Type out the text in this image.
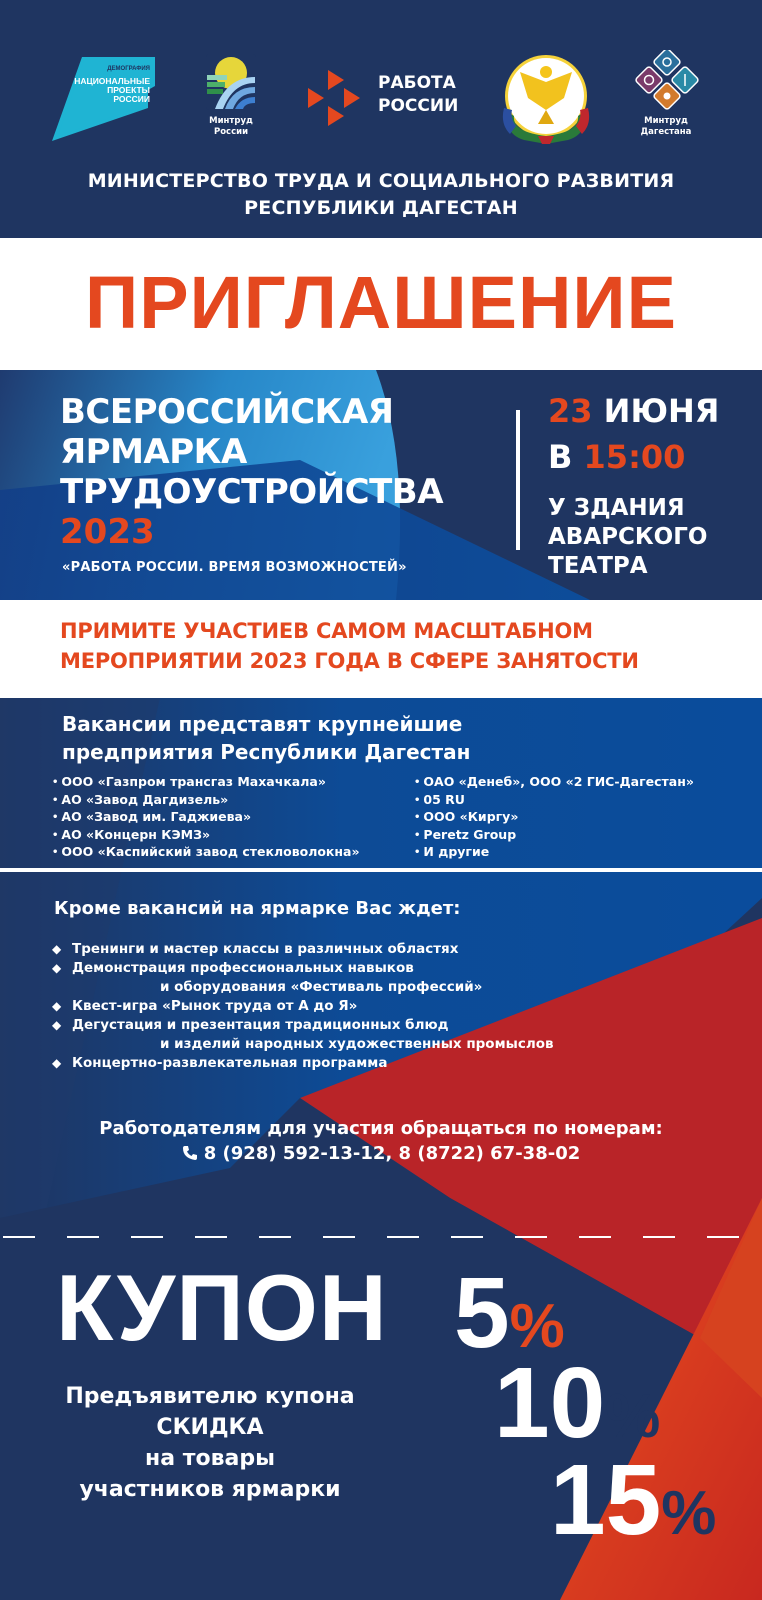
ДЕМОГРАФИЯ
НАЦИОНАЛЬНЫЕ
ПРОЕКТЫ
РОССИИ
Минтруд
России
РАБОТА
РОССИИ
Минтруд
Дагестана
МИНИСТЕРСТВО ТРУДА И СОЦИАЛЬНОГО РАЗВИТИЯ
РЕСПУБЛИКИ ДАГЕСТАН
ПРИГЛАШЕНИЕ
ВСЕРОССИЙСКАЯ
ЯРМАРКА
ТРУДОУСТРОЙСТВА
2023
«РАБОТА РОССИИ. ВРЕМЯ ВОЗМОЖНОСТЕЙ»
23 ИЮНЯ
В 15:00
У ЗДАНИЯ
АВАРСКОГО
ТЕАТРА
ПРИМИТЕ УЧАСТИЕВ САМОМ МАСШТАБНОМ
МЕРОПРИЯТИИ 2023 ГОДА В СФЕРЕ ЗАНЯТОСТИ
Вакансии представят крупнейшие
предприятия Республики Дагестан
• ООО «Газпром трансгаз Махачкала»
• АО «Завод Дагдизель»
• АО «Завод им. Гаджиева»
• АО «Концерн КЭМЗ»
• ООО «Каспийский завод стекловолокна»
• ОАО «Денеб», ООО «2 ГИС-Дагестан»
• 05 RU
• ООО «Киргу»
• Peretz Group
• И другие
Кроме вакансий на ярмарке Вас ждет:
◆ Тренинги и мастер классы в различных областях
◆ Демонстрация профессиональных навыков
и оборудования «Фестиваль профессий»
◆ Квест-игра «Рынок труда от А до Я»
◆ Дегустация и презентация традиционных блюд
и изделий народных художественных промыслов
◆ Концертно-развлекательная программа
Работодателям для участия обращаться по номерам:
8 (928) 592-13-12, 8 (8722) 67-38-02
КУПОН 5%
10%
15%
Предъявителю купона
СКИДКА
на товары
участников ярмарки
